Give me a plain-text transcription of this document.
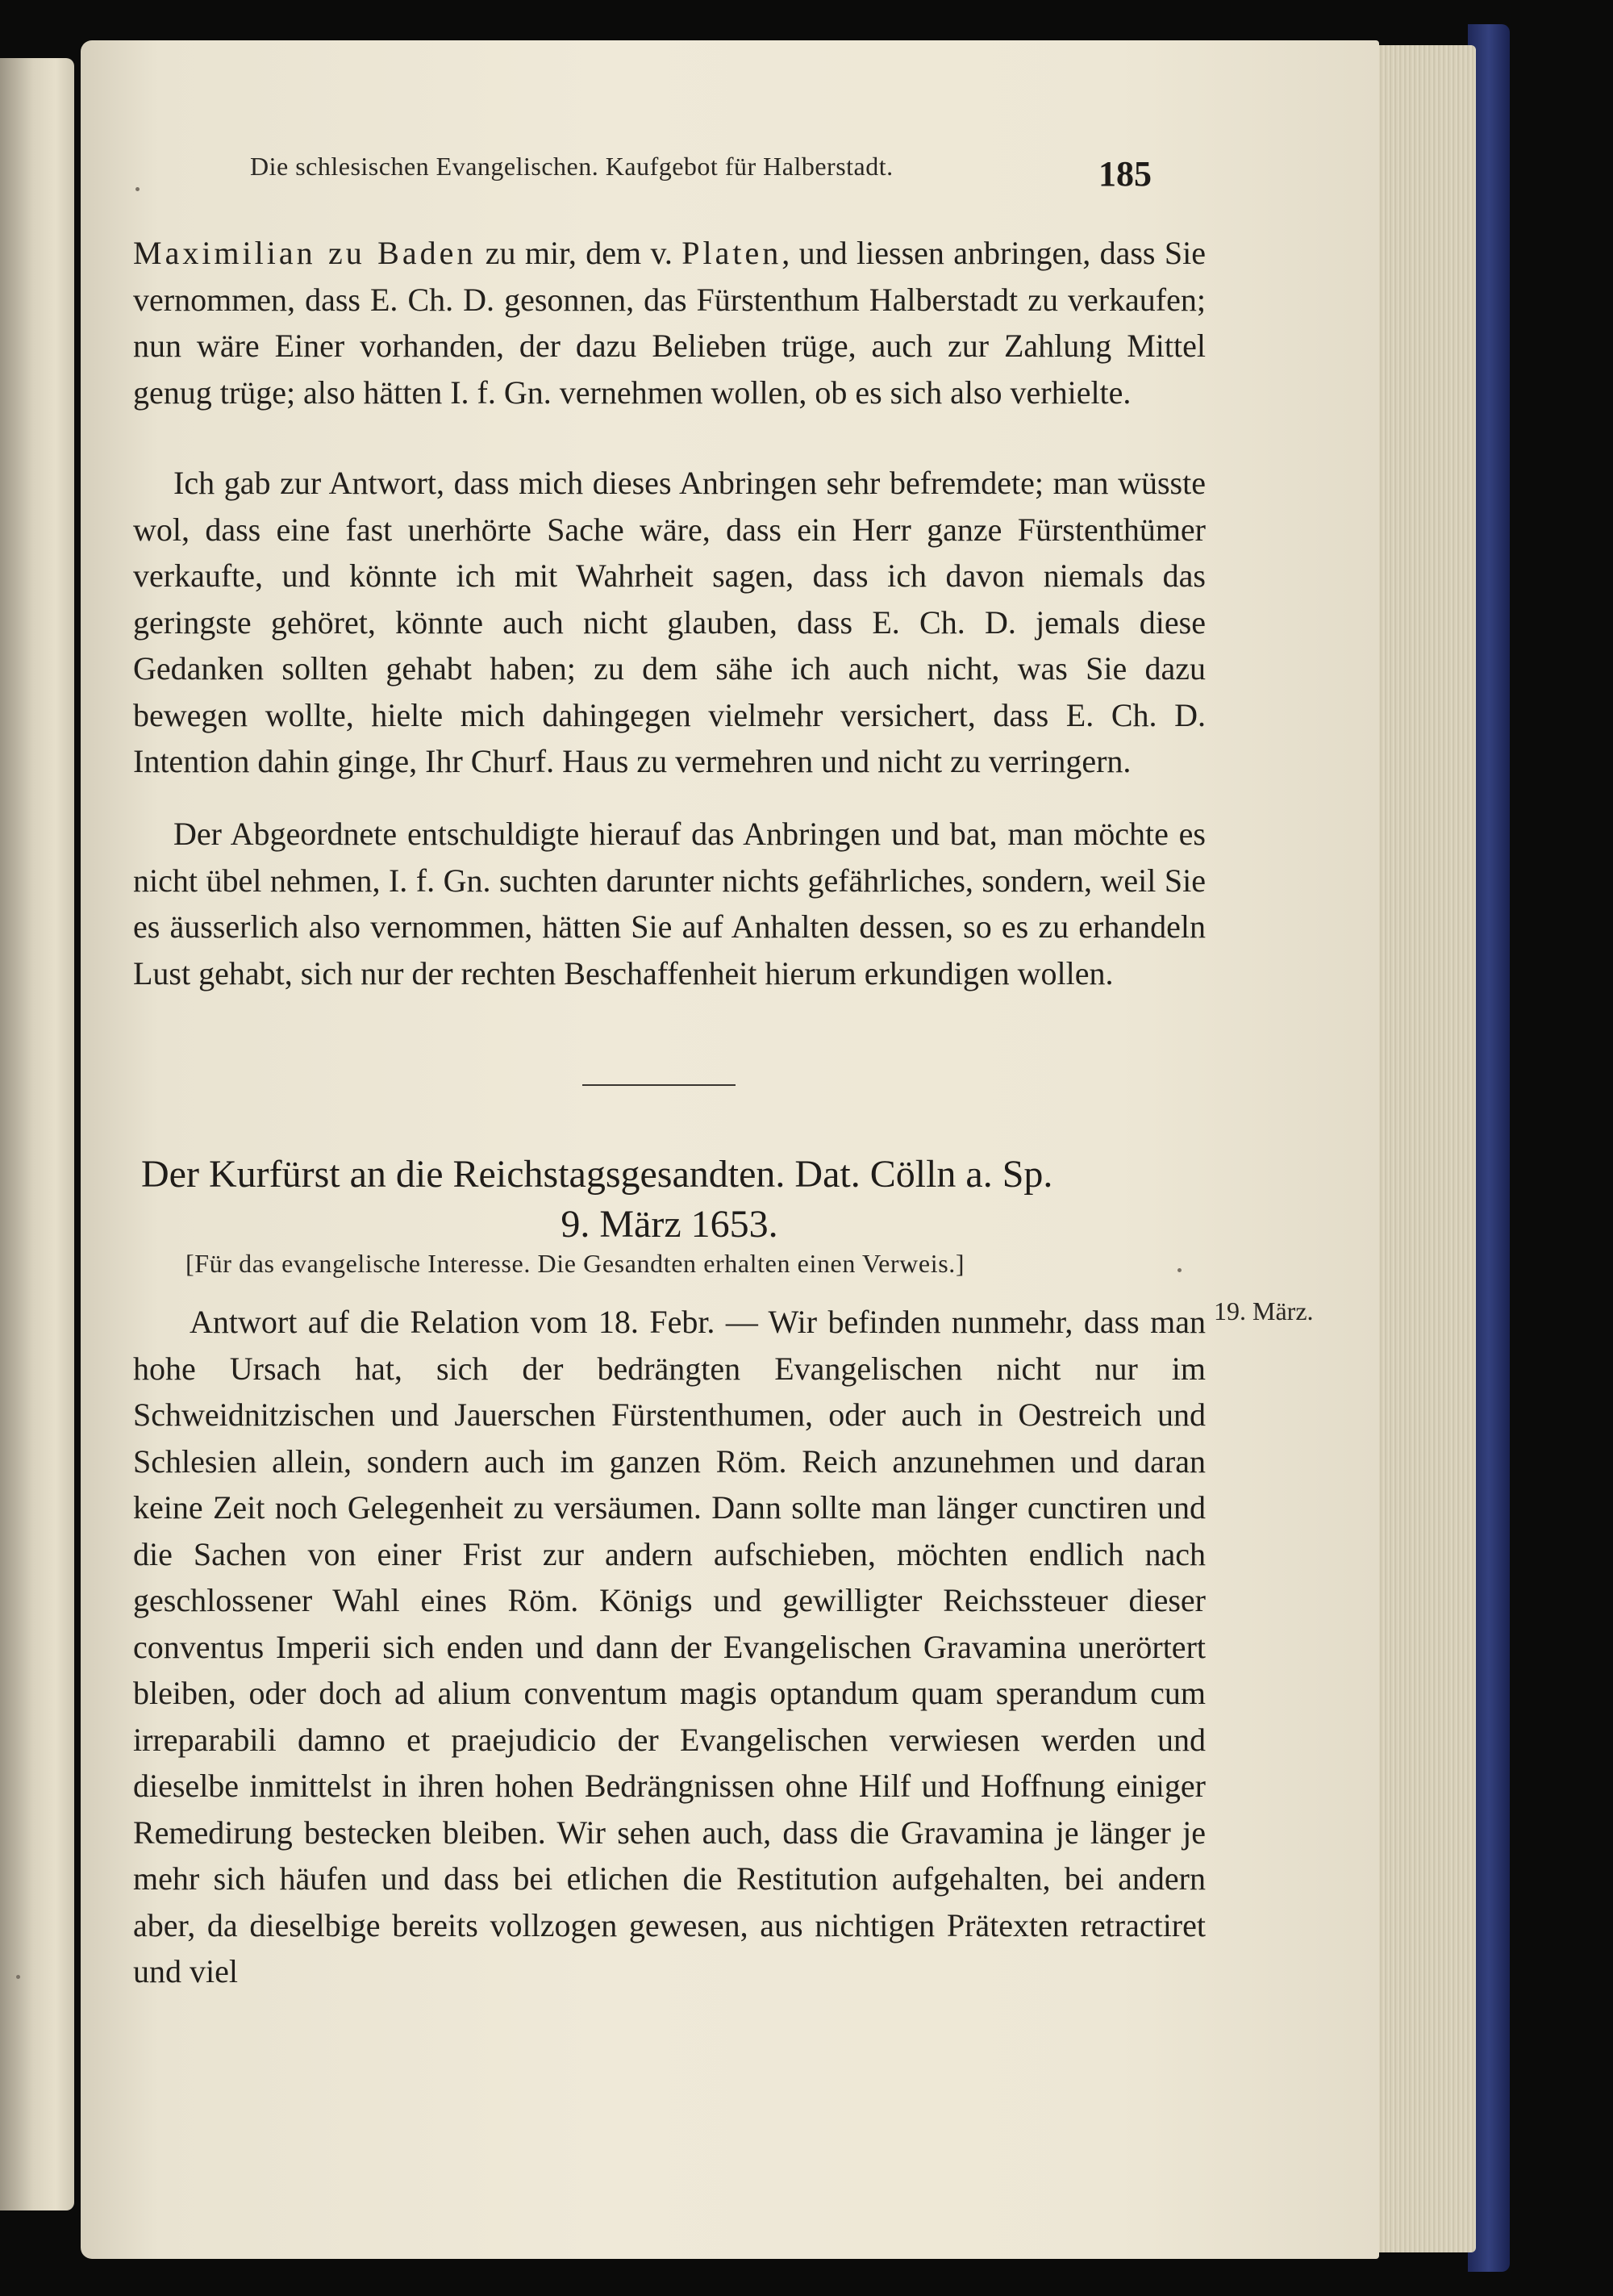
Die schlesischen Evangelischen. Kaufgebot für Halberstadt.	185

Maximilian zu Baden zu mir, dem v. Platen, und liessen anbringen, dass Sie vernommen, dass E. Ch. D. gesonnen, das Fürstenthum Halberstadt zu verkaufen; nun wäre Einer vorhanden, der dazu Belieben trüge, auch zur Zahlung Mittel genug trüge; also hätten I. f. Gn. vernehmen wollen, ob es sich also verhielte.

Ich gab zur Antwort, dass mich dieses Anbringen sehr befremdete; man wüsste wol, dass eine fast unerhörte Sache wäre, dass ein Herr ganze Fürstenthümer verkaufte, und könnte ich mit Wahrheit sagen, dass ich davon niemals das geringste gehöret, könnte auch nicht glauben, dass E. Ch. D. jemals diese Gedanken sollten gehabt haben; zu dem sähe ich auch nicht, was Sie dazu bewegen wollte, hielte mich dahingegen vielmehr versichert, dass E. Ch. D. Intention dahin ginge, Ihr Churf. Haus zu vermehren und nicht zu verringern.

Der Abgeordnete entschuldigte hierauf das Anbringen und bat, man möchte es nicht übel nehmen, I. f. Gn. suchten darunter nichts gefährliches, sondern, weil Sie es äusserlich also vernommen, hätten Sie auf Anhalten dessen, so es zu erhandeln Lust gehabt, sich nur der rechten Beschaffenheit hierum erkundigen wollen.

Der Kurfürst an die Reichstagsgesandten. Dat. Cölln a. Sp.
9. März 1653.
[Für das evangelische Interesse. Die Gesandten erhalten einen Verweis.]
19. März.

Antwort auf die Relation vom 18. Febr. — Wir befinden nunmehr, dass man hohe Ursach hat, sich der bedrängten Evangelischen nicht nur im Schweidnitzischen und Jauerschen Fürstenthumen, oder auch in Oestreich und Schlesien allein, sondern auch im ganzen Röm. Reich anzunehmen und daran keine Zeit noch Gelegenheit zu versäumen. Dann sollte man länger cunctiren und die Sachen von einer Frist zur andern aufschieben, möchten endlich nach geschlossener Wahl eines Röm. Königs und gewilligter Reichssteuer dieser conventus Imperii sich enden und dann der Evangelischen Gravamina unerörtert bleiben, oder doch ad alium conventum magis optandum quam sperandum cum irreparabili damno et praejudicio der Evangelischen verwiesen werden und dieselbe inmittelst in ihren hohen Bedrängnissen ohne Hilf und Hoffnung einiger Remedirung bestecken bleiben. Wir sehen auch, dass die Gravamina je länger je mehr sich häufen und dass bei etlichen die Restitution aufgehalten, bei andern aber, da dieselbige bereits vollzogen gewesen, aus nichtigen Prätexten retractiret und viel
